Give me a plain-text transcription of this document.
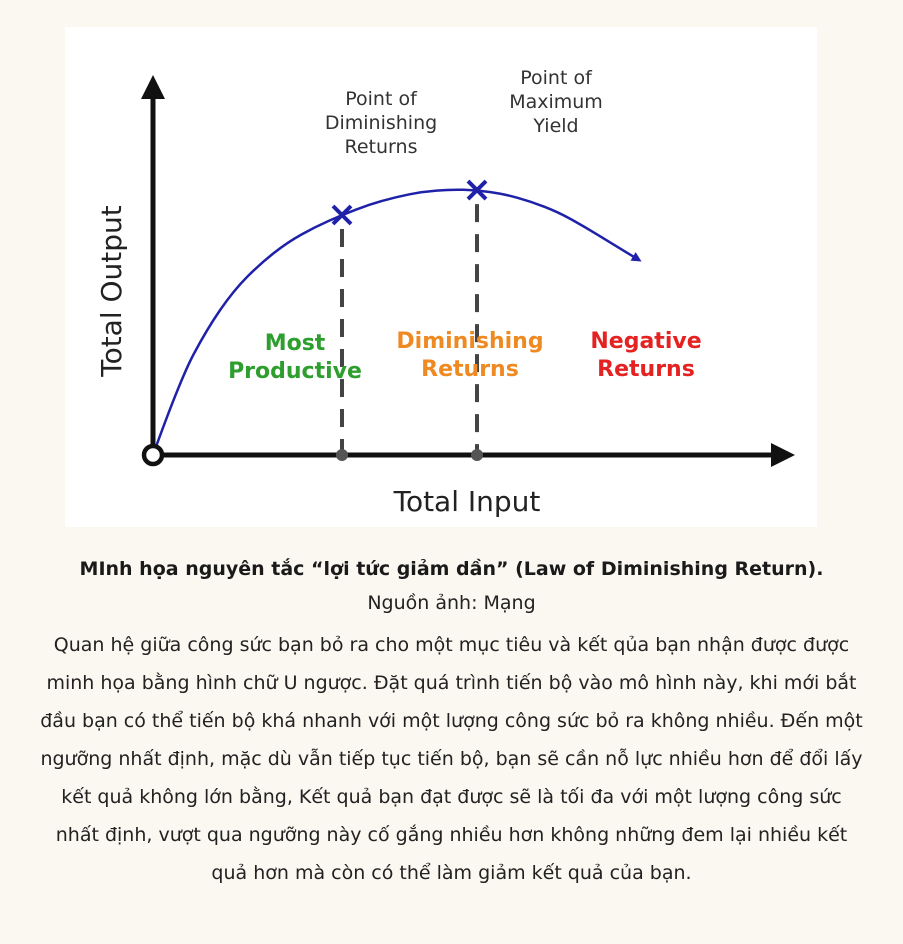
Point of
Diminishing
Returns
Point of
Maximum
Yield
Most
Productive
Diminishing
Returns
Negative
Returns
Total Input
Total Output

MInh họa nguyên tắc “lợi tức giảm dần” (Law of Diminishing Return).

Nguồn ảnh: Mạng

Quan hệ giữa công sức bạn bỏ ra cho một mục tiêu và kết qủa bạn nhận được được minh họa bằng hình chữ U ngược. Đặt quá trình tiến bộ vào mô hình này, khi mới bắt đầu bạn có thể tiến bộ khá nhanh với một lượng công sức bỏ ra không nhiều. Đến một ngưỡng nhất định, mặc dù vẫn tiếp tục tiến bộ, bạn sẽ cần nỗ lực nhiều hơn để đổi lấy kết quả không lớn bằng, Kết quả bạn đạt được sẽ là tối đa với một lượng công sức nhất định, vượt qua ngưỡng này cố gắng nhiều hơn không những đem lại nhiều kết quả hơn mà còn có thể làm giảm kết quả của bạn.
